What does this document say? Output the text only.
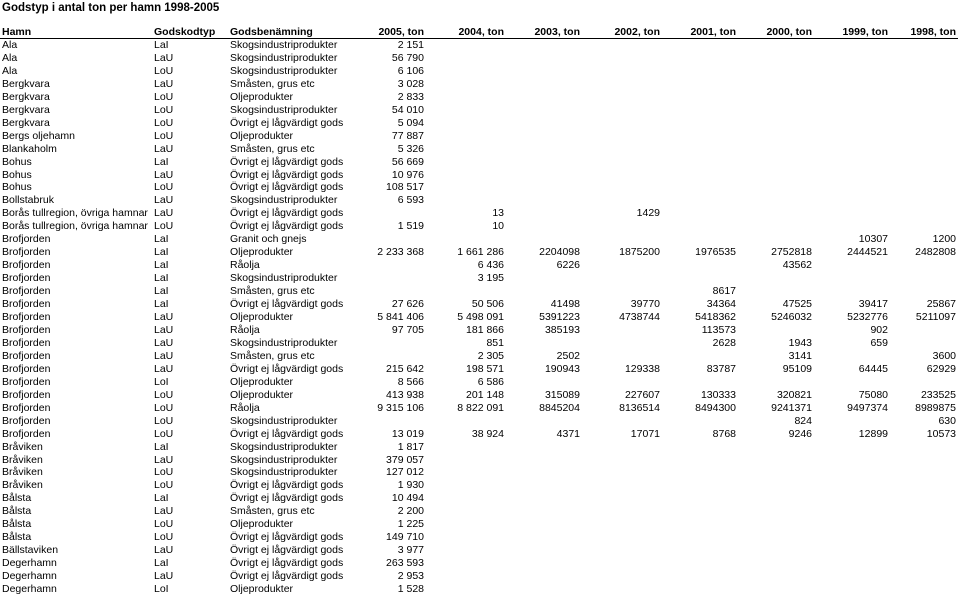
Godstyp i antal ton per hamn 1998-2005
Hamn	Godskodtyp	Godsbenämning	2005, ton	2004, ton	2003, ton	2002, ton	2001, ton	2000, ton	1999, ton	1998, ton
Ala	LaI	Skogsindustriprodukter	2 151							
Ala	LaU	Skogsindustriprodukter	56 790							
Ala	LoU	Skogsindustriprodukter	6 106							
Bergkvara	LaU	Småsten, grus etc	3 028							
Bergkvara	LoU	Oljeprodukter	2 833							
Bergkvara	LoU	Skogsindustriprodukter	54 010							
Bergkvara	LoU	Övrigt ej lågvärdigt gods	5 094							
Bergs oljehamn	LoU	Oljeprodukter	77 887							
Blankaholm	LaU	Småsten, grus etc	5 326							
Bohus	LaI	Övrigt ej lågvärdigt gods	56 669							
Bohus	LaU	Övrigt ej lågvärdigt gods	10 976							
Bohus	LoU	Övrigt ej lågvärdigt gods	108 517							
Bollstabruk	LaU	Skogsindustriprodukter	6 593							
Borås tullregion, övriga hamnar	LaU	Övrigt ej lågvärdigt gods		13		1429				
Borås tullregion, övriga hamnar	LoU	Övrigt ej lågvärdigt gods	1 519	10						
Brofjorden	LaI	Granit och gnejs							10307	1200
Brofjorden	LaI	Oljeprodukter	2 233 368	1 661 286	2204098	1875200	1976535	2752818	2444521	2482808
Brofjorden	LaI	Råolja		6 436	6226			43562		
Brofjorden	LaI	Skogsindustriprodukter		3 195						
Brofjorden	LaI	Småsten, grus etc					8617			
Brofjorden	LaI	Övrigt ej lågvärdigt gods	27 626	50 506	41498	39770	34364	47525	39417	25867
Brofjorden	LaU	Oljeprodukter	5 841 406	5 498 091	5391223	4738744	5418362	5246032	5232776	5211097
Brofjorden	LaU	Råolja	97 705	181 866	385193		113573		902	
Brofjorden	LaU	Skogsindustriprodukter		851			2628	1943	659	
Brofjorden	LaU	Småsten, grus etc		2 305	2502			3141		3600
Brofjorden	LaU	Övrigt ej lågvärdigt gods	215 642	198 571	190943	129338	83787	95109	64445	62929
Brofjorden	LoI	Oljeprodukter	8 566	6 586						
Brofjorden	LoU	Oljeprodukter	413 938	201 148	315089	227607	130333	320821	75080	233525
Brofjorden	LoU	Råolja	9 315 106	8 822 091	8845204	8136514	8494300	9241371	9497374	8989875
Brofjorden	LoU	Skogsindustriprodukter						824		630
Brofjorden	LoU	Övrigt ej lågvärdigt gods	13 019	38 924	4371	17071	8768	9246	12899	10573
Bråviken	LaI	Skogsindustriprodukter	1 817							
Bråviken	LaU	Skogsindustriprodukter	379 057							
Bråviken	LoU	Skogsindustriprodukter	127 012							
Bråviken	LoU	Övrigt ej lågvärdigt gods	1 930							
Bålsta	LaI	Övrigt ej lågvärdigt gods	10 494							
Bålsta	LaU	Småsten, grus etc	2 200							
Bålsta	LoU	Oljeprodukter	1 225							
Bålsta	LoU	Övrigt ej lågvärdigt gods	149 710							
Bällstaviken	LaU	Övrigt ej lågvärdigt gods	3 977							
Degerhamn	LaI	Övrigt ej lågvärdigt gods	263 593							
Degerhamn	LaU	Övrigt ej lågvärdigt gods	2 953							
Degerhamn	LoI	Oljeprodukter	1 528							
